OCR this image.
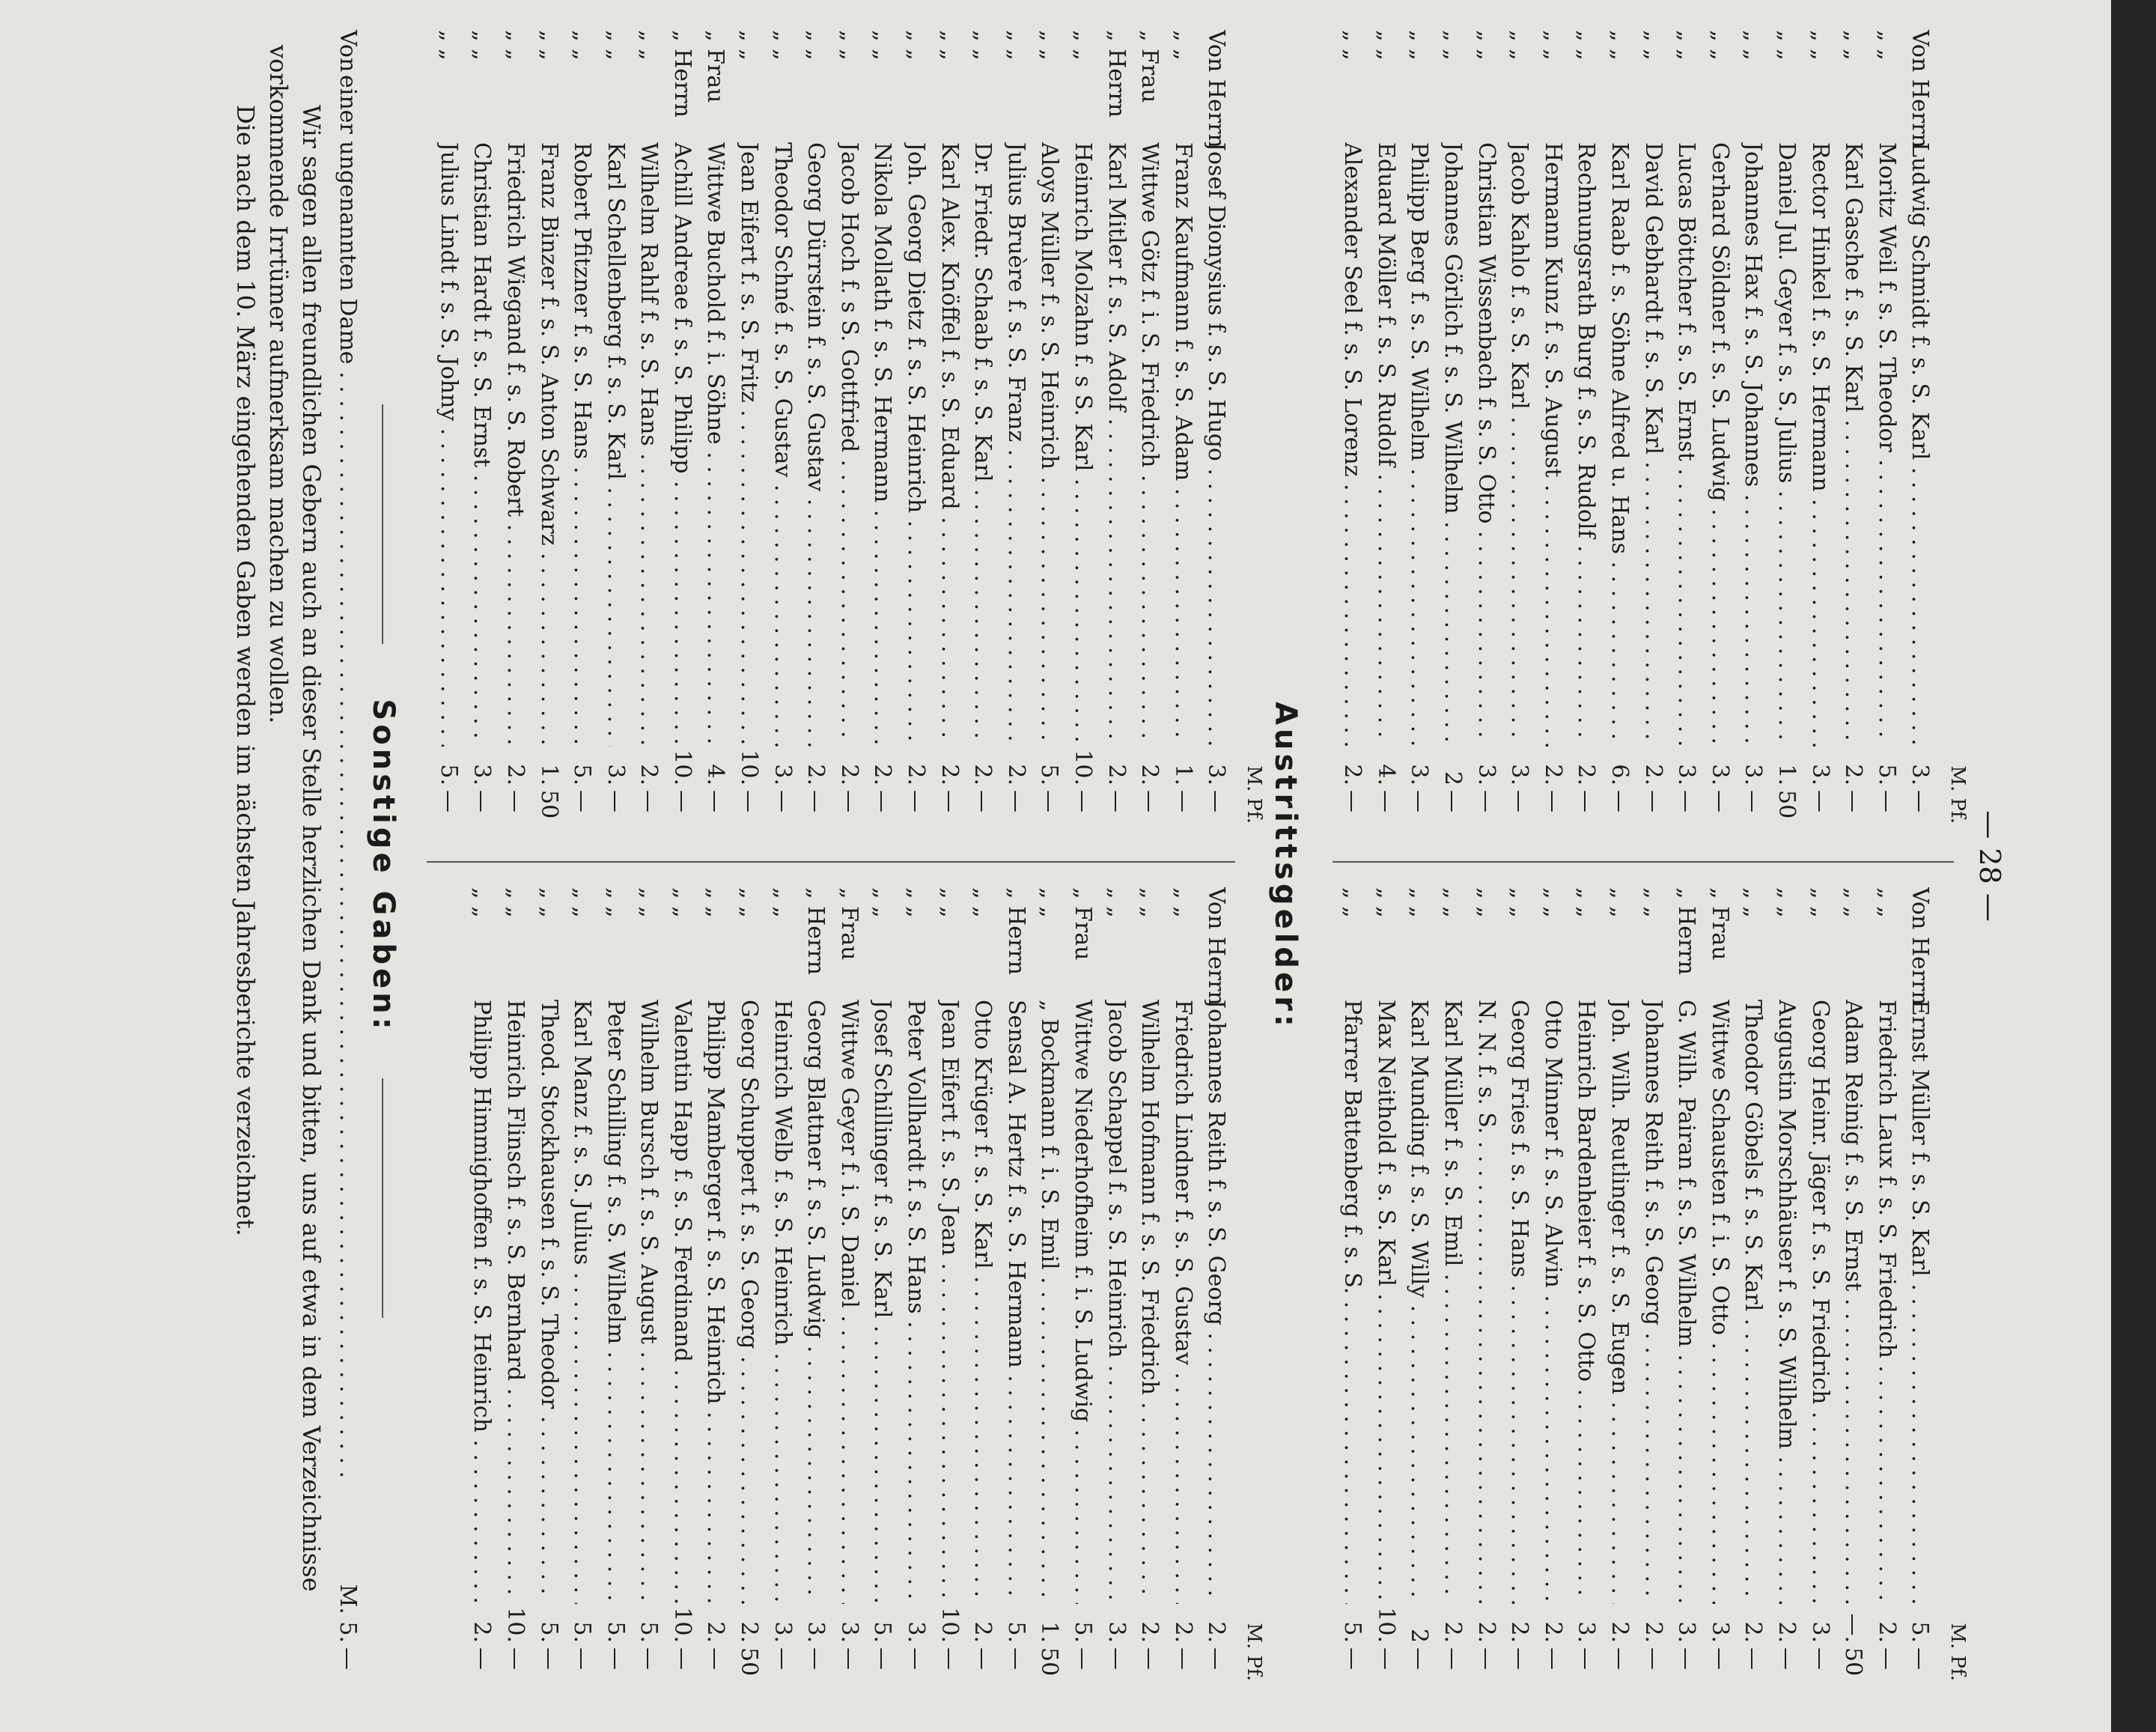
— 28 —
M. Pf.
Von Herrn
Ludwig Schmidt f. s. S. Karl . . .
3.
—
„ „
Moritz Weil f. s. S. Theodor . . .
5.
—
„ „
Karl Gasche f. s. S. Karl . . .
2.
—
„ „
Rector Hinkel f. s. S. Hermann . . .
3.
—
„ „
Daniel Jul. Geyer f. s. S. Julius . . .
1.
50
„ „
Johannes Hax f. s. S. Johannes . . .
3.
—
„ „
Gerhard Söldner f. s. S. Ludwig . . .
3.
—
„ „
Lucas Böttcher f. s. S. Ernst . . .
3.
—
„ „
David Gebhardt f. s. S. Karl . . .
2.
—
„ „
Karl Raab f. s. Söhne Alfred u. Hans . . .
6.
—
„ „
Rechnungsrath Burg f. s. S. Rudolf . . .
2.
—
„ „
Hermann Kunz f. s. S. August . . .
2.
—
„ „
Jacob Kahlo f. s. S. Karl . . .
3.
—
„ „
Christian Wissenbach f. s. S. Otto . . .
3.
—
„ „
Johannes Görlich f. s. S. Wilhelm . . .
2
—
„ „
Philipp Berg f. s. S. Wilhelm . . .
3.
—
„ „
Eduard Möller f. s. S. Rudolf . . .
4.
—
„ „
Alexander Seel f. s. S. Lorenz . . .
2.
—
M. Pf.
Von Herrn
Ernst Müller f. s. S. Karl . . .
5.
—
„ „
Friedrich Laux f. s. S. Friedrich . . .
2.
—
„ „
Adam Reinig f. s. S. Ernst . . .
—.
50
„ „
Georg Heinr. Jäger f. s. S. Friedrich . . .
3.
—
„ „
Augustin Morschhäuser f. s. S. Wilhelm . . .
2.
—
„ „
Theodor Göbels f. s. S. Karl . . .
2.
—
„ Frau
Wittwe Schausten f. i. S. Otto . . .
3.
—
„ Herrn
G. Wilh. Pairan f. s. S. Wilhelm . . .
3.
—
„ „
Johannes Reith f. s. S. Georg . . .
2.
—
„ „
Joh. Wilh. Reutlinger f. s. S. Eugen . . .
2.
—
„ „
Heinrich Bardenheier f. s. S. Otto . . .
3.
—
„ „
Otto Minner f. s. S. Alwin . . .
2.
—
„ „
Georg Fries f. s. S. Hans . . .
2.
—
„ „
N. N. f. s. S. . . .
2.
—
„ „
Karl Müller f. s. S. Emil . . .
2.
—
„ „
Karl Munding f. s. S. Willy . . .
2
—
„ „
Max Neithold f. s. S. Karl . . .
10.
—
„ „
Pfarrer Battenberg f. s. S. . . .
5.
—
Austrittsgelder:
M. Pf.
Von Herrn
Josef Dionysius f. s. S. Hugo . . .
3.
—
„ „
Franz Kaufmann f. s. S. Adam . . .
1.
—
„ Frau
Wittwe Götz f. i. S. Friedrich . . .
2.
—
„ Herrn
Karl Mitler f. s. S. Adolf . . .
2.
—
„ „
Heinrich Molzahn f. s S. Karl . . .
10.
—
„ „
Aloys Müller f. s. S. Heinrich . . .
5.
—
„ „
Julius Bruère f. s. S. Franz . . .
2.
—
„ „
Dr. Friedr. Schaab f. s. S. Karl . . .
2.
—
„ „
Karl Alex. Knöffel f. s. S. Eduard . . .
2.
—
„ „
Joh. Georg Dietz f. s. S. Heinrich . . .
2.
—
„ „
Nikola Mollath f. s. S. Hermann . . .
2.
—
„ „
Jacob Hoch f. s S. Gottfried . . .
2.
—
„ „
Georg Dürrstein f. s. S. Gustav . . .
2.
—
„ „
Theodor Schné f. s. S. Gustav . . .
3.
—
„ „
Jean Eifert f. s. S. Fritz . . .
10.
—
„ Frau
Wittwe Buchold f. i. Söhne . . .
4.
—
„ Herrn
Achill Andreae f. s. S. Philipp . . .
10.
—
„ „
Wilhelm Rahlf f. s. S. Hans . . .
2.
—
„ „
Karl Schellenberg f. s. S. Karl . . .
3.
—
„ „
Robert Pfitzner f. s. S. Hans . . .
5.
—
„ „
Franz Binzer f. s. S. Anton Schwarz . . .
1.
50
„ „
Friedrich Wiegand f. s. S. Robert . . .
2.
—
„ „
Christian Hardt f. s. S. Ernst . . .
3.
—
„ „
Julius Lindt f. s. S. Johny . . .
5.
—
M. Pf.
Von Herrn
Johannes Reith f. s. S. Georg . . .
2.
—
„ „
Friedrich Lindner f. s. S. Gustav . . .
2.
—
„ „
Wilhelm Hofmann f. s. S. Friedrich . . .
2.
—
„ „
Jacob Schappel f. s. S. Heinrich . . .
3.
—
„ Frau
Wittwe Niederhofheim f. i. S. Ludwig . . .
5.
—
„ „
„ Bockmann f. i. S. Emil . . .
1.
50
„ Herrn
Sensal A. Hertz f. s. S. Hermann . . .
5.
—
„ „
Otto Krüger f. s. S. Karl . . .
2.
—
„ „
Jean Eifert f. s. S. Jean . . .
10.
—
„ „
Peter Vollhardt f. s. S. Hans . . .
3.
—
„ „
Josef Schillinger f. s. S. Karl . . .
5.
—
„ Frau
Wittwe Geyer f. i. S. Daniel . . .
3.
—
„ Herrn
Georg Blattner f. s. S. Ludwig . . .
3.
—
„ „
Heinrich Welb f. s. S. Heinrich . . .
3.
—
„ „
Georg Schuppert f. s. S. Georg . . .
2.
50
„ „
Philipp Mamberger f. s. S. Heinrich . . .
2.
—
„ „
Valentin Happ f. s. S. Ferdinand . . .
10.
—
„ „
Wilhelm Bursch f. s. S. August . . .
5.
—
„ „
Peter Schilling f. s. S. Wilhelm . . .
5.
—
„ „
Karl Manz f. s. S. Julius . . .
5.
—
„ „
Theod. Stockhausen f. s. S. Theodor . . .
5.
—
„ „
Heinrich Flinsch f. s. S. Bernhard . . .
10.
—
„ „
Philipp Himmighoffen f. s. S. Heinrich . . .
2.
—
Sonstige Gaben:
Von
einer ungenannten Dame . . .
M. 5.
—
Wir sagen allen freundlichen Gebern auch an dieser Stelle herzlichen Dank und bitten, uns auf etwa in dem Verzeichnisse vorkommende Irrtümer aufmerksam machen zu wollen.
Die nach dem 10. März eingehenden Gaben werden im nächsten Jahresberichte verzeichnet.
